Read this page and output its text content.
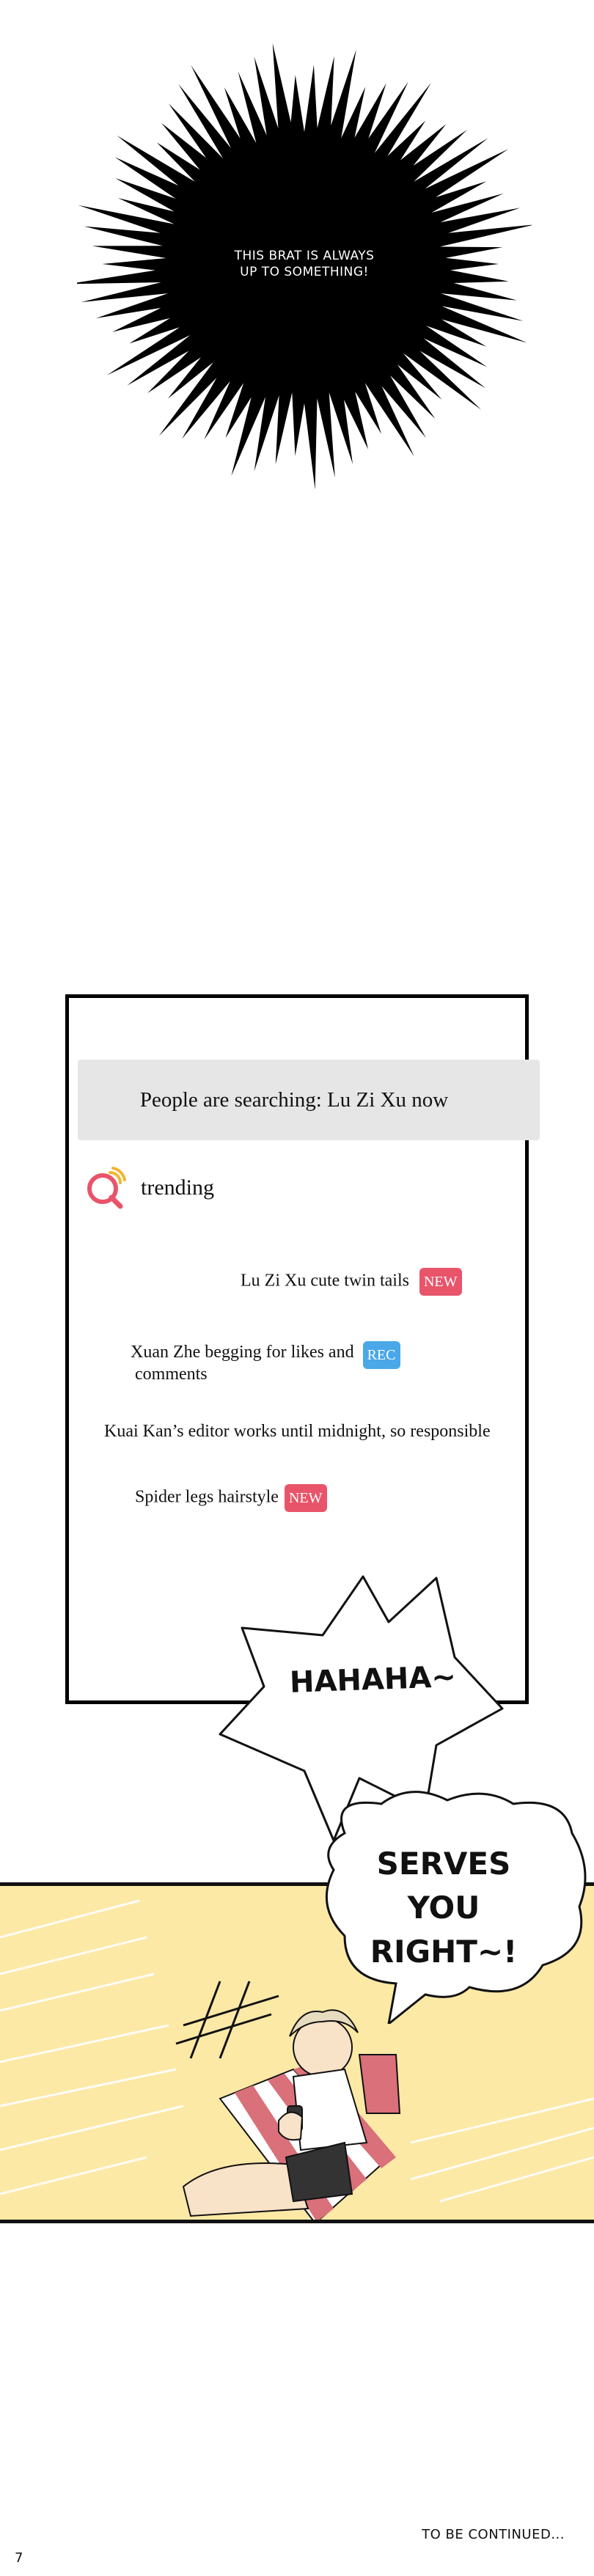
THIS BRAT IS ALWAYS
UP TO SOMETHING!
People are searching: Lu Zi Xu now
trending
Lu Zi Xu cute twin tails NEW
Xuan Zhe begging for likes and
comments
REC
Kuai Kan’s editor works until midnight, so responsible
Spider legs hairstyle NEW
HAHAHA~
SERVES
YOU
RIGHT~!
TO BE CONTINUED...
7
